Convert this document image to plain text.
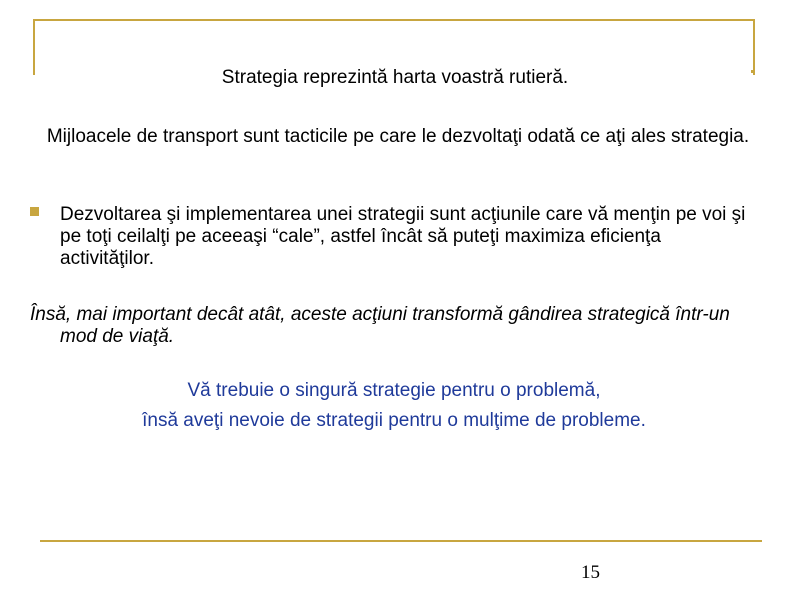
Strategia reprezintă harta voastră rutieră.
Mijloacele de transport sunt tacticile pe care le dezvoltaţi odată ce aţi ales strategia.
Dezvoltarea şi implementarea unei strategii sunt acţiunile care vă menţin pe voi şi pe toţi ceilalţi pe aceeaşi “cale”, astfel încât să puteţi maximiza eficienţa activităţilor.
Însă, mai important decât atât, aceste acţiuni transformă gândirea strategică într-un mod de viaţă.
Vă trebuie o singură strategie pentru o problemă,
însă aveţi nevoie de strategii pentru o mulţime de probleme.
15
